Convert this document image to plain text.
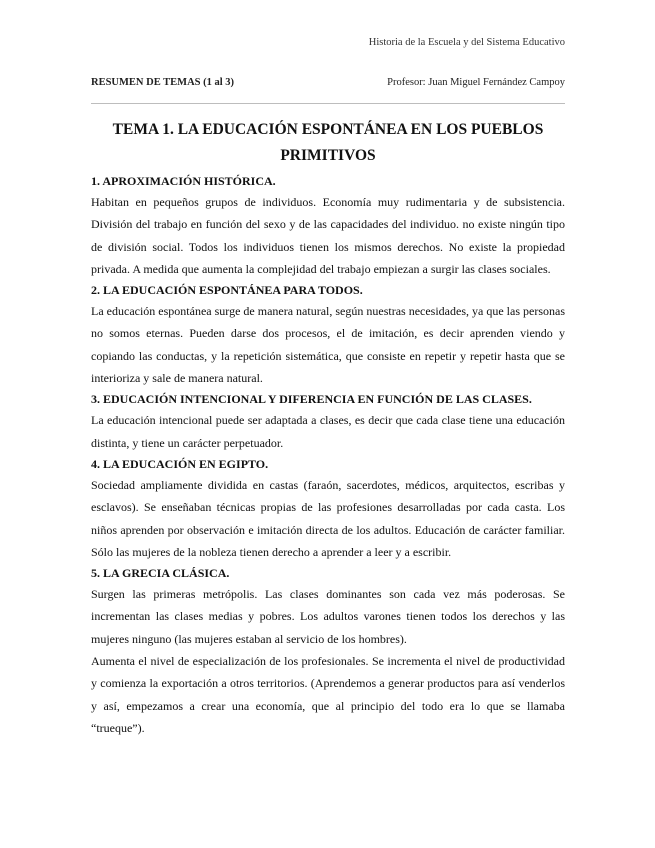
Historia de la Escuela y del Sistema Educativo
RESUMEN DE TEMAS (1 al 3)	Profesor: Juan Miguel Fernández Campoy
TEMA 1. LA EDUCACIÓN ESPONTÁNEA EN LOS PUEBLOS PRIMITIVOS
1. APROXIMACIÓN HISTÓRICA.

Habitan en pequeños grupos de individuos. Economía muy rudimentaria y de subsistencia. División del trabajo en función del sexo y de las capacidades del individuo. no existe ningún tipo de división social. Todos los individuos tienen los mismos derechos. No existe la propiedad privada. A medida que aumenta la complejidad del trabajo empiezan a surgir las clases sociales.

2. LA EDUCACIÓN ESPONTÁNEA PARA TODOS.

La educación espontánea surge de manera natural, según nuestras necesidades, ya que las personas no somos eternas. Pueden darse dos procesos, el de imitación, es decir aprenden viendo y copiando las conductas, y la repetición sistemática, que consiste en repetir y repetir hasta que se interioriza y sale de manera natural.

3. EDUCACIÓN INTENCIONAL Y DIFERENCIA EN FUNCIÓN DE LAS CLASES.

La educación intencional puede ser adaptada a clases, es decir que cada clase tiene una educación distinta, y tiene un carácter perpetuador.

4. LA EDUCACIÓN EN EGIPTO.

Sociedad ampliamente dividida en castas (faraón, sacerdotes, médicos, arquitectos, escribas y esclavos). Se enseñaban técnicas propias de las profesiones desarrolladas por cada casta. Los niños aprenden por observación e imitación directa de los adultos. Educación de carácter familiar. Sólo las mujeres de la nobleza tienen derecho a aprender a leer y a escribir.

5. LA GRECIA CLÁSICA.

Surgen las primeras metrópolis. Las clases dominantes son cada vez más poderosas. Se incrementan las clases medias y pobres. Los adultos varones tienen todos los derechos y las mujeres ninguno (las mujeres estaban al servicio de los hombres).

Aumenta el nivel de especialización de los profesionales. Se incrementa el nivel de productividad y comienza la exportación a otros territorios. (Aprendemos a generar productos para así venderlos y así, empezamos a crear una economía, que al principio del todo era lo que se llamaba “trueque”).
